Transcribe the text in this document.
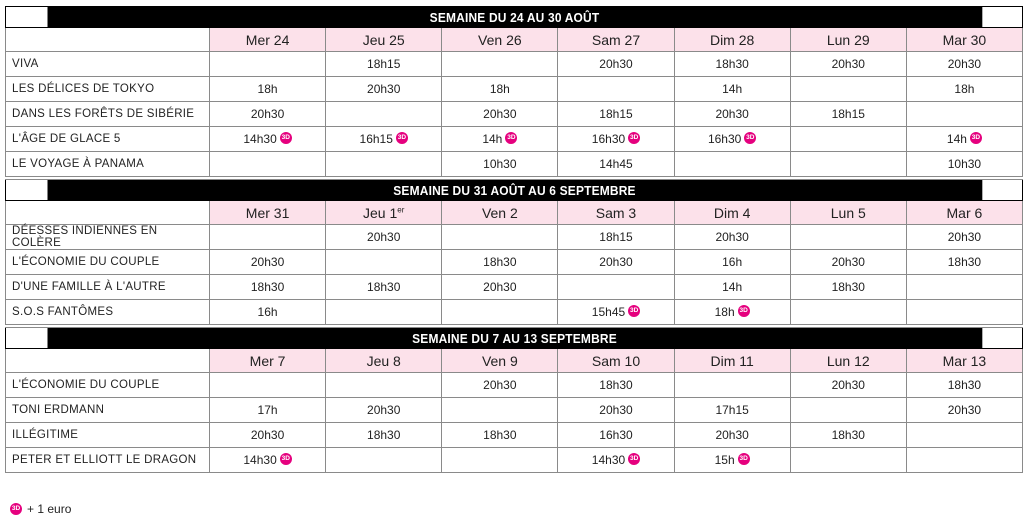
SEMAINE DU 24 AU 30 AOÛT							
	Mer 24	Jeu 25	Ven 26	Sam 27	Dim 28	Lun 29	Mar 30
VIVA		18h15		20h30	18h30	20h30	20h30
LES DÉLICES DE TOKYO	18h	20h30	18h		14h		18h
DANS LES FORÊTS DE SIBÉRIE	20h30		20h30	18h15	20h30	18h15	
L'ÂGE DE GLACE 5	14h30 3D	16h15 3D	14h 3D	16h30 3D	16h30 3D		14h 3D
LE VOYAGE À PANAMA			10h30	14h45			10h30

SEMAINE DU 31 AOÛT AU 6 SEPTEMBRE							
	Mer 31	Jeu 1er	Ven 2	Sam 3	Dim 4	Lun 5	Mar 6
DÉESSES INDIENNES EN COLÈRE		20h30		18h15	20h30		20h30
L'ÉCONOMIE DU COUPLE	20h30		18h30	20h30	16h	20h30	18h30
D'UNE FAMILLE À L'AUTRE	18h30	18h30	20h30		14h	18h30	
S.O.S FANTÔMES	16h			15h45 3D	18h 3D		

SEMAINE DU 7 AU 13 SEPTEMBRE							
	Mer 7	Jeu 8	Ven 9	Sam 10	Dim 11	Lun 12	Mar 13
L'ÉCONOMIE DU COUPLE			20h30	18h30		20h30	18h30
TONI ERDMANN	17h	20h30		20h30	17h15		20h30
ILLÉGITIME	20h30	18h30	18h30	16h30	20h30	18h30	
PETER ET ELLIOTT LE DRAGON	14h30 3D			14h30 3D	15h 3D		
3D + 1 euro
